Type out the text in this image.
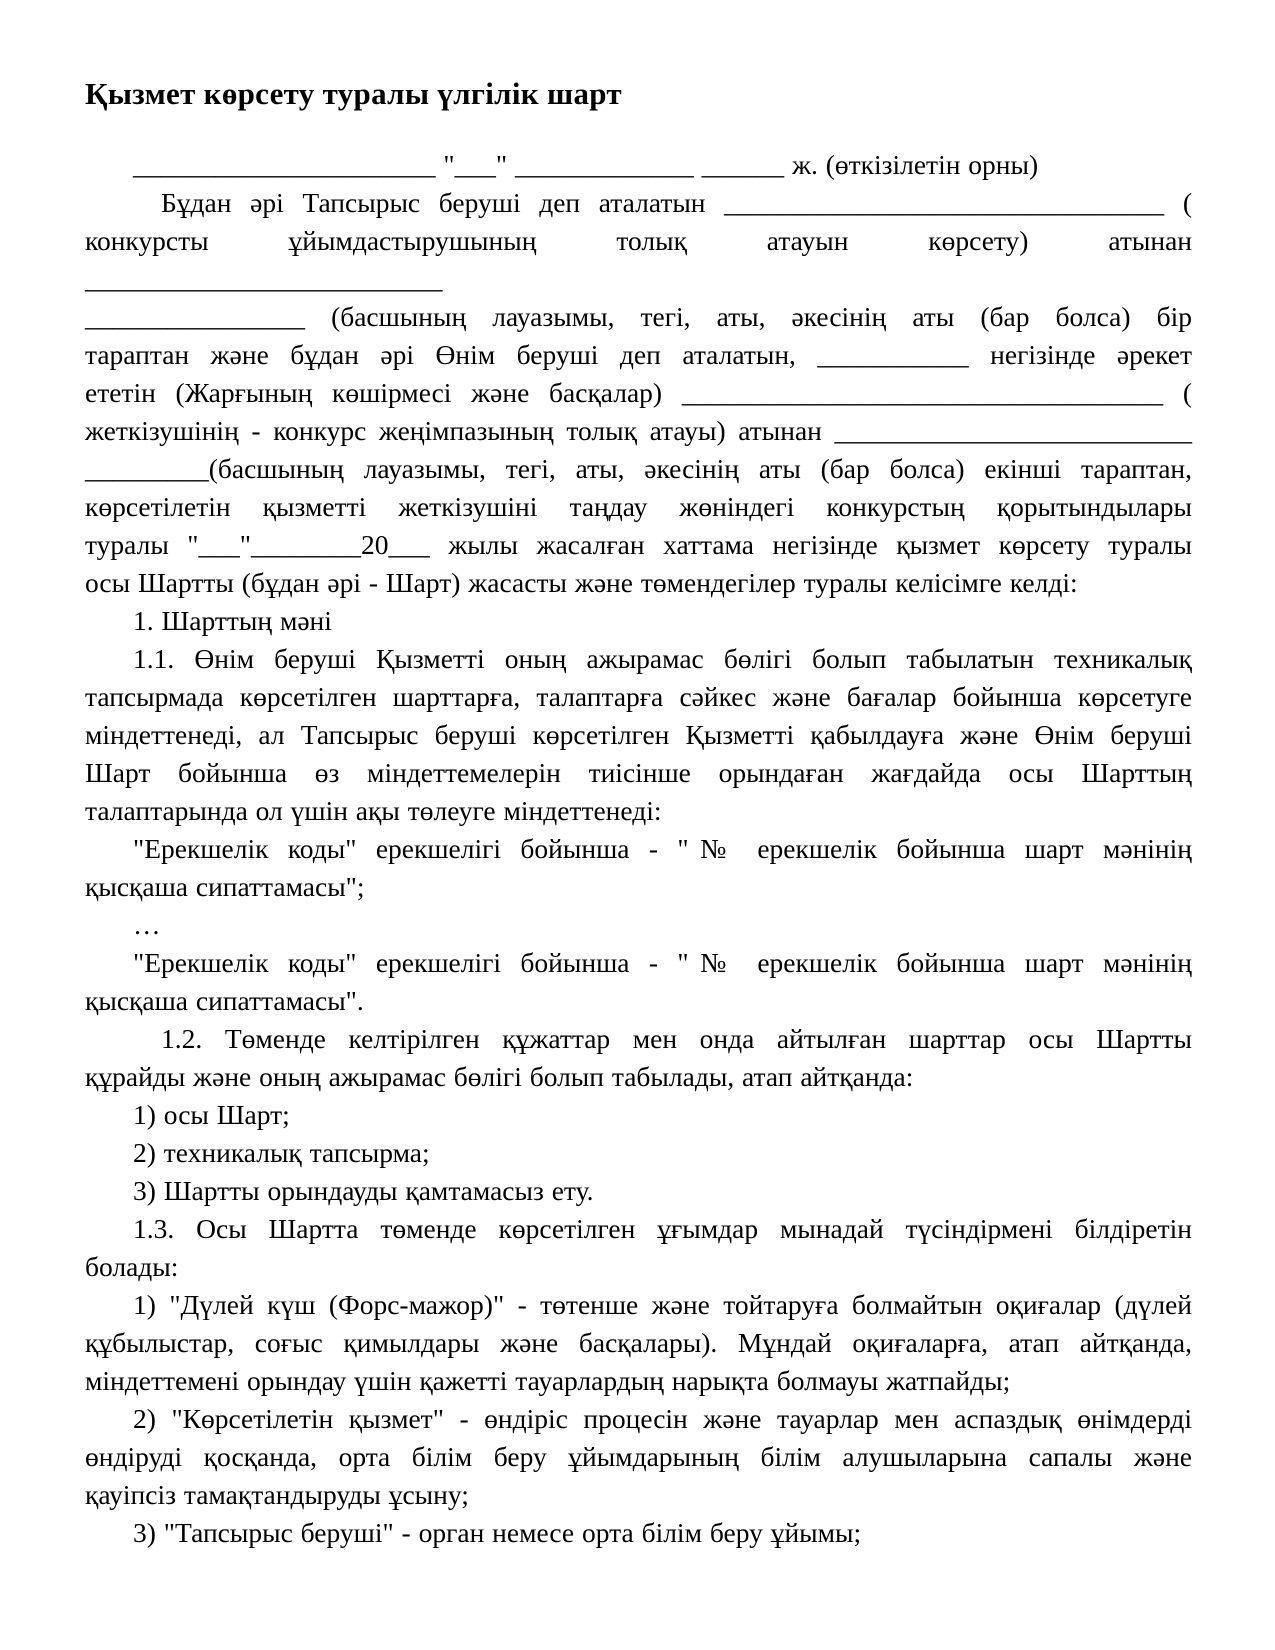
Қызмет көрсету туралы үлгілік шарт
______________________ "___" _____________ ______ ж. (өткізілетін орны)
Бұдан әрі Тапсырыс беруші деп аталатын ________________________________ (
конкурсты ұйымдастырушының толық атауын көрсету) атынан __________________________
________________ (басшының лауазымы, тегі, аты, әкесінің аты (бар болса) бір
тараптан және бұдан әрі Өнім беруші деп аталатын, ___________ негізінде әрекет
ететін (Жарғының көшірмесі және басқалар) ___________________________________ (
жеткізушінің - конкурс жеңімпазының толық атауы) атынан __________________________
_________(басшының лауазымы, тегі, аты, әкесінің аты (бар болса) екінші тараптан,
көрсетілетін қызметті жеткізушіні таңдау жөніндегі конкурстың қорытындылары
туралы "___"________20___ жылы жасалған хаттама негізінде қызмет көрсету туралы
осы Шартты (бұдан әрі - Шарт) жасасты және төмендегілер туралы келісімге келді:
1. Шарттың мәні
1.1. Өнім беруші Қызметті оның ажырамас бөлігі болып табылатын техникалық
тапсырмада көрсетілген шарттарға, талаптарға сәйкес және бағалар бойынша көрсетуге
міндеттенеді, ал Тапсырыс беруші көрсетілген Қызметті қабылдауға және Өнім беруші
Шарт бойынша өз міндеттемелерін тиісінше орындаған жағдайда осы Шарттың
талаптарында ол үшін ақы төлеуге міндеттенеді:
"Ерекшелік коды" ерекшелігі бойынша - "№ ерекшелік бойынша шарт мәнінің
қысқаша сипаттамасы";
…
"Ерекшелік коды" ерекшелігі бойынша - "№ ерекшелік бойынша шарт мәнінің
қысқаша сипаттамасы".
1.2. Төменде келтірілген құжаттар мен онда айтылған шарттар осы Шартты
құрайды және оның ажырамас бөлігі болып табылады, атап айтқанда:
1) осы Шарт;
2) техникалық тапсырма;
3) Шартты орындауды қамтамасыз ету.
1.3. Осы Шартта төменде көрсетілген ұғымдар мынадай түсіндірмені білдіретін
болады:
1) "Дүлей күш (Форс-мажор)" - төтенше және тойтаруға болмайтын оқиғалар (дүлей
құбылыстар, соғыс қимылдары және басқалары). Мұндай оқиғаларға, атап айтқанда,
міндеттемені орындау үшін қажетті тауарлардың нарықта болмауы жатпайды;
2) "Көрсетілетін қызмет" - өндіріс процесін және тауарлар мен аспаздық өнімдерді
өндіруді қосқанда, орта білім беру ұйымдарының білім алушыларына сапалы және
қауіпсіз тамақтандыруды ұсыну;
3) "Тапсырыс беруші" - орган немесе орта білім беру ұйымы;
